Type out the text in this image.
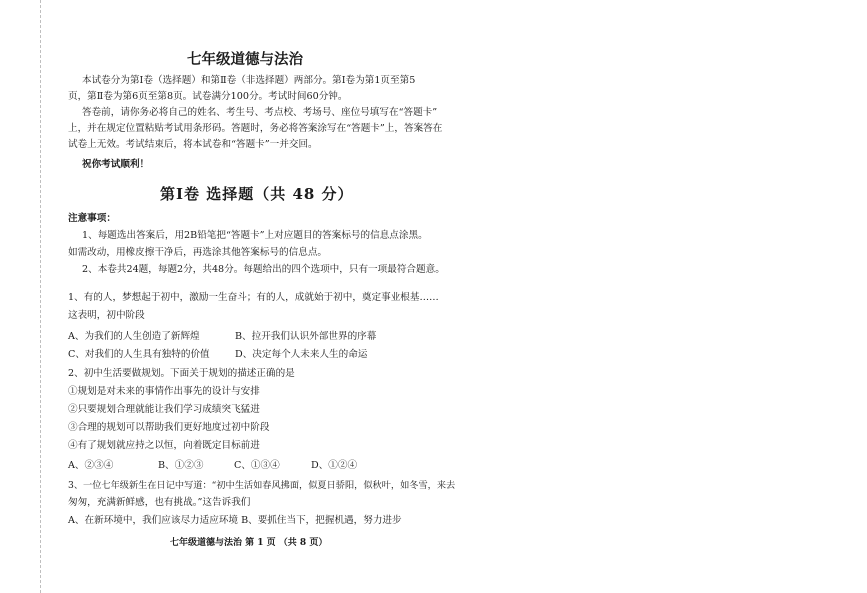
七年级道德与法治
本试卷分为第Ⅰ卷（选择题）和第Ⅱ卷（非选择题）两部分。第Ⅰ卷为第1页至第5
页，第Ⅱ卷为第6页至第8页。试卷满分100分。考试时间60分钟。
答卷前，请你务必将自己的姓名、考生号、考点校、考场号、座位号填写在“答题卡”
上，并在规定位置粘贴考试用条形码。答题时，务必将答案涂写在“答题卡”上，答案答在
试卷上无效。考试结束后，将本试卷和“答题卡”一并交回。
祝你考试顺利！
第Ⅰ卷 选择题（共 48 分）
注意事项：
1、每题选出答案后，用2B铅笔把“答题卡”上对应题目的答案标号的信息点涂黑。
如需改动，用橡皮擦干净后，再选涂其他答案标号的信息点。
2、本卷共24题，每题2分，共48分。每题给出的四个选项中，只有一项最符合题意。
1、有的人，梦想起于初中，激励一生奋斗；有的人，成就始于初中，奠定事业根基……
这表明，初中阶段
A、为我们的人生创造了新辉煌	B、拉开我们认识外部世界的序幕
C、对我们的人生具有独特的价值	D、决定每个人未来人生的命运
2、初中生活要做规划。下面关于规划的描述正确的是
①规划是对未来的事情作出事先的设计与安排
②只要规划合理就能让我们学习成绩突飞猛进
③合理的规划可以帮助我们更好地度过初中阶段
④有了规划就应持之以恒，向着既定目标前进
A、②③④	B、①②③	C、①③④	D、①②④
3、一位七年级新生在日记中写道：“初中生活如春风拂面，似夏日骄阳，似秋叶，如冬雪，来去
匆匆，充满新鲜感，也有挑战。”这告诉我们
A、在新环境中，我们应该尽力适应环境 B、要抓住当下，把握机遇，努力进步
七年级道德与法治 第 1 页 （共 8 页）
